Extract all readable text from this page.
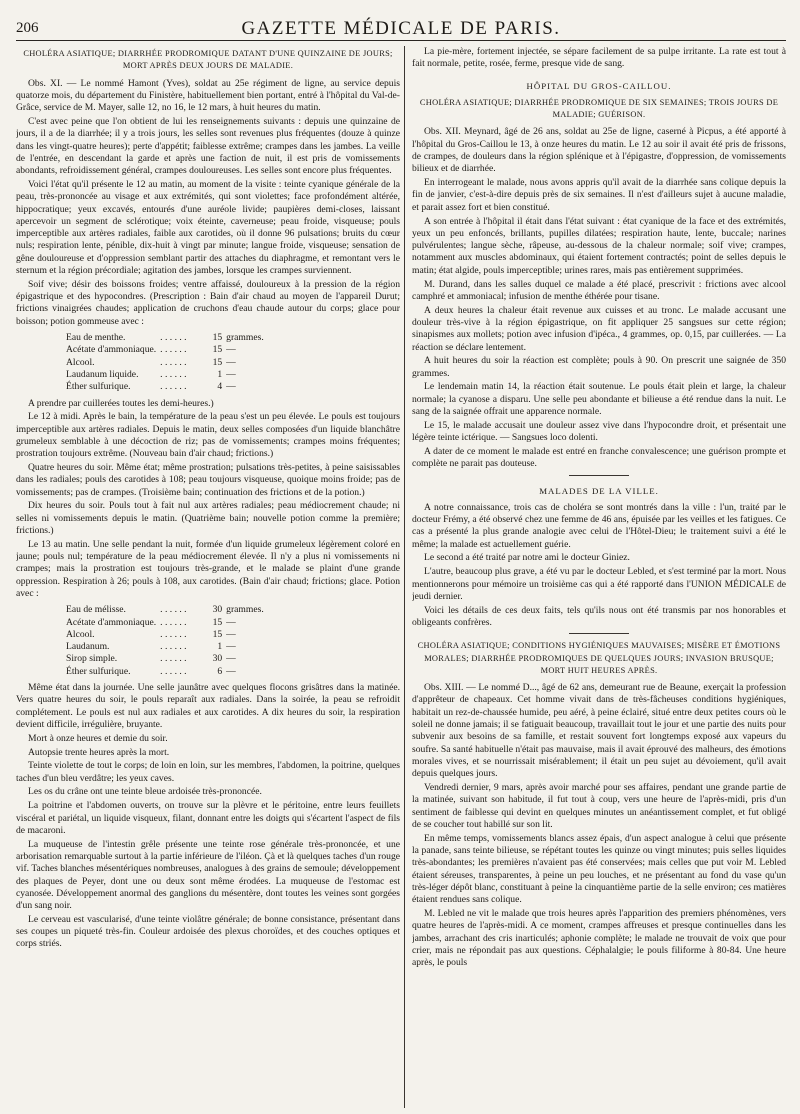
206	GAZETTE MÉDICALE DE PARIS.

CHOLÉRA ASIATIQUE; DIARRHÉE PRODROMIQUE DATANT D'UNE QUINZAINE DE JOURS; MORT APRÈS DEUX JOURS DE MALADIE.

Obs. XI. — Le nommé Hamont (Yves), soldat au 25e régiment de ligne, au service depuis quatorze mois, du département du Finistère, habituellement bien portant, entré à l'hôpital du Val-de-Grâce, service de M. Mayer, salle 12, no 16, le 12 mars, à huit heures du matin.

C'est avec peine que l'on obtient de lui les renseignements suivants : depuis une quinzaine de jours, il a de la diarrhée; il y a trois jours, les selles sont revenues plus fréquentes (douze à quinze dans les vingt-quatre heures); perte d'appétit; faiblesse extrême; crampes dans les jambes. La veille de l'entrée, en descendant la garde et après une faction de nuit, il est pris de vomissements abondants, refroidissement général, crampes douloureuses. Les selles sont encore plus fréquentes.

Voici l'état qu'il présente le 12 au matin, au moment de la visite : teinte cyanique générale de la peau, très-prononcée au visage et aux extrémités, qui sont violettes; face profondément altérée, hippocratique; yeux excavés, entourés d'une auréole livide; paupières demi-closes, laissant apercevoir un segment de sclérotique; voix éteinte, caverneuse; peau froide, visqueuse; pouls imperceptible aux artères radiales, faible aux carotides, où il donne 96 pulsations; bruits du cœur nuls; respiration lente, pénible, dix-huit à vingt par minute; langue froide, visqueuse; sensation de gêne douloureuse et d'oppression semblant partir des attaches du diaphragme, et remontant vers le sternum et la région précordiale; agitation des jambes, lorsque les crampes surviennent.

Soif vive; désir des boissons froides; ventre affaissé, douloureux à la pression de la région épigastrique et des hypocondres. (Prescription : Bain d'air chaud au moyen de l'appareil Durut; frictions vinaigrées chaudes; application de cruchons d'eau chaude autour du corps; glace pour boisson; potion gommeuse avec :

Eau de menthe.	. . . . . .	15	grammes.
Acétate d'ammoniaque.	. . . . . .	15	—
Alcool.	. . . . . .	15	—
Laudanum liquide.	. . . . . .	1	—
Éther sulfurique.	. . . . . .	4	—

A prendre par cuillerées toutes les demi-heures.)

Le 12 à midi. Après le bain, la température de la peau s'est un peu élevée. Le pouls est toujours imperceptible aux artères radiales. Depuis le matin, deux selles composées d'un liquide blanchâtre grumeleux semblable à une décoction de riz; pas de vomissements; crampes moins fréquentes; prostration toujours extrême. (Nouveau bain d'air chaud; frictions.)

Quatre heures du soir. Même état; même prostration; pulsations très-petites, à peine saisissables dans les radiales; pouls des carotides à 108; peau toujours visqueuse, quoique moins froide; pas de vomissements; pas de crampes. (Troisième bain; continuation des frictions et de la potion.)

Dix heures du soir. Pouls tout à fait nul aux artères radiales; peau médiocrement chaude; ni selles ni vomissements depuis le matin. (Quatrième bain; nouvelle potion comme la première; frictions.)

Le 13 au matin. Une selle pendant la nuit, formée d'un liquide grumeleux légèrement coloré en jaune; pouls nul; température de la peau médiocrement élevée. Il n'y a plus ni vomissements ni crampes; mais la prostration est toujours très-grande, et le malade se plaint d'une grande oppression. Respiration à 26; pouls à 108, aux carotides. (Bain d'air chaud; frictions; glace. Potion avec :

Eau de mélisse.	. . . . . .	30	grammes.
Acétate d'ammoniaque.	. . . . . .	15	—
Alcool.	. . . . . .	15	—
Laudanum.	. . . . . .	1	—
Sirop simple.	. . . . . .	30	—
Éther sulfurique.	. . . . . .	6	—

Même état dans la journée. Une selle jaunâtre avec quelques flocons grisâtres dans la matinée. Vers quatre heures du soir, le pouls reparaît aux radiales. Dans la soirée, la peau se refroidit complétement. Le pouls est nul aux radiales et aux carotides. A dix heures du soir, la respiration devient difficile, irrégulière, bruyante.

Mort à onze heures et demie du soir.

Autopsie trente heures après la mort.

Teinte violette de tout le corps; de loin en loin, sur les membres, l'abdomen, la poitrine, quelques taches d'un bleu verdâtre; les yeux caves.

Les os du crâne ont une teinte bleue ardoisée très-prononcée.

La poitrine et l'abdomen ouverts, on trouve sur la plèvre et le péritoine, entre leurs feuillets viscéral et pariétal, un liquide visqueux, filant, donnant entre les doigts qui s'écartent l'aspect de fils de macaroni.

La muqueuse de l'intestin grêle présente une teinte rose générale très-prononcée, et une arborisation remarquable surtout à la partie inférieure de l'iléon. Çà et là quelques taches d'un rouge vif. Taches blanches mésentériques nombreuses, analogues à des grains de semoule; développement des plaques de Peyer, dont une ou deux sont même érodées. La muqueuse de l'estomac est cyanosée. Développement anormal des ganglions du mésentère, dont toutes les veines sont gorgées d'un sang noir.

Le cerveau est vascularisé, d'une teinte violâtre générale; de bonne consistance, présentant dans ses coupes un piqueté très-fin. Couleur ardoisée des plexus choroïdes, et des couches optiques et corps striés.

La pie-mère, fortement injectée, se sépare facilement de sa pulpe irritante. La rate est tout à fait normale, petite, rosée, ferme, presque vide de sang.

HÔPITAL DU GROS-CAILLOU.

CHOLÉRA ASIATIQUE; DIARRHÉE PRODROMIQUE DE SIX SEMAINES; TROIS JOURS DE MALADIE; GUÉRISON.

Obs. XII. Meynard, âgé de 26 ans, soldat au 25e de ligne, caserné à Picpus, a été apporté à l'hôpital du Gros-Caillou le 13, à onze heures du matin. Le 12 au soir il avait été pris de frissons, de crampes, de douleurs dans la région splénique et à l'épigastre, d'oppression, de vomissements bilieux et de diarrhée.

En interrogeant le malade, nous avons appris qu'il avait de la diarrhée sans colique depuis la fin de janvier, c'est-à-dire depuis près de six semaines. Il n'est d'ailleurs sujet à aucune maladie, et parait assez fort et bien constitué.

A son entrée à l'hôpital il était dans l'état suivant : état cyanique de la face et des extrémités, yeux un peu enfoncés, brillants, pupilles dilatées; respiration haute, lente, buccale; narines pulvérulentes; langue sèche, râpeuse, au-dessous de la chaleur normale; soif vive; crampes, notamment aux muscles abdominaux, qui étaient fortement contractés; point de selles depuis le matin; état algide, pouls imperceptible; urines rares, mais pas entièrement supprimées.

M. Durand, dans les salles duquel ce malade a été placé, prescrivit : frictions avec alcool camphré et ammoniacal; infusion de menthe éthérée pour tisane.

A deux heures la chaleur était revenue aux cuisses et au tronc. Le malade accusant une douleur très-vive à la région épigastrique, on fit appliquer 25 sangsues sur cette région; sinapismes aux mollets; potion avec infusion d'ipéca., 4 grammes, op. 0,15, par cuillerées. — La réaction se déclare lentement.

A huit heures du soir la réaction est complète; pouls à 90. On prescrit une saignée de 350 grammes.

Le lendemain matin 14, la réaction était soutenue. Le pouls était plein et large, la chaleur normale; la cyanose a disparu. Une selle peu abondante et bilieuse a été rendue dans la nuit. Le sang de la saignée offrait une apparence normale.

Le 15, le malade accusait une douleur assez vive dans l'hypocondre droit, et présentait une légère teinte ictérique. — Sangsues loco dolenti.

A dater de ce moment le malade est entré en franche convalescence; une guérison prompte et complète ne parait pas douteuse.

MALADES DE LA VILLE.

A notre connaissance, trois cas de choléra se sont montrés dans la ville : l'un, traité par le docteur Frémy, a été observé chez une femme de 46 ans, épuisée par les veilles et les fatigues. Ce cas a présenté la plus grande analogie avec celui de l'Hôtel-Dieu; le traitement suivi a été le même; la malade est actuellement guérie.

Le second a été traité par notre ami le docteur Giniez.

L'autre, beaucoup plus grave, a été vu par le docteur Lebled, et s'est terminé par la mort. Nous mentionnerons pour mémoire un troisième cas qui a été rapporté dans l'UNION MÉDICALE de jeudi dernier.

Voici les détails de ces deux faits, tels qu'ils nous ont été transmis par nos honorables et obligeants confrères.

CHOLÉRA ASIATIQUE; CONDITIONS HYGIÉNIQUES MAUVAISES; MISÈRE ET ÉMOTIONS MORALES; DIARRHÉE PRODROMIQUES DE QUELQUES JOURS; INVASION BRUSQUE; MORT HUIT HEURES APRÈS.

Obs. XIII. — Le nommé D..., âgé de 62 ans, demeurant rue de Beaune, exerçait la profession d'apprêteur de chapeaux. Cet homme vivait dans de très-fâcheuses conditions hygiéniques, habitait un rez-de-chaussée humide, peu aéré, à peine éclairé, situé entre deux petites cours où le soleil ne donne jamais; il se fatiguait beaucoup, travaillait tout le jour et une partie des nuits pour subvenir aux besoins de sa famille, et restait souvent fort longtemps exposé aux vapeurs du soufre. Sa santé habituelle n'était pas mauvaise, mais il avait éprouvé des malheurs, des émotions morales vives, et se nourrissait misérablement; il était un peu sujet au dévoiement, qu'il avait depuis quelques jours.

Vendredi dernier, 9 mars, après avoir marché pour ses affaires, pendant une grande partie de la matinée, suivant son habitude, il fut tout à coup, vers une heure de l'après-midi, pris d'un sentiment de faiblesse qui devint en quelques minutes un anéantissement complet, et fut obligé de se coucher tout habillé sur son lit.

En même temps, vomissements blancs assez épais, d'un aspect analogue à celui que présente la panade, sans teinte bilieuse, se répétant toutes les quinze ou vingt minutes; puis selles liquides très-abondantes; les premières n'avaient pas été conservées; mais celles que put voir M. Lebled étaient séreuses, transparentes, à peine un peu louches, et ne présentant au fond du vase qu'un très-léger dépôt blanc, constituant à peine la cinquantième partie de la selle environ; ces matières étaient rendues sans colique.

M. Lebled ne vit le malade que trois heures après l'apparition des premiers phénomènes, vers quatre heures de l'après-midi. A ce moment, crampes affreuses et presque continuelles dans les jambes, arrachant des cris inarticulés; aphonie complète; le malade ne trouvait de voix que pour crier, mais ne répondait pas aux questions. Céphalalgie; le pouls filiforme à 80-84. Une heure après, le pouls
